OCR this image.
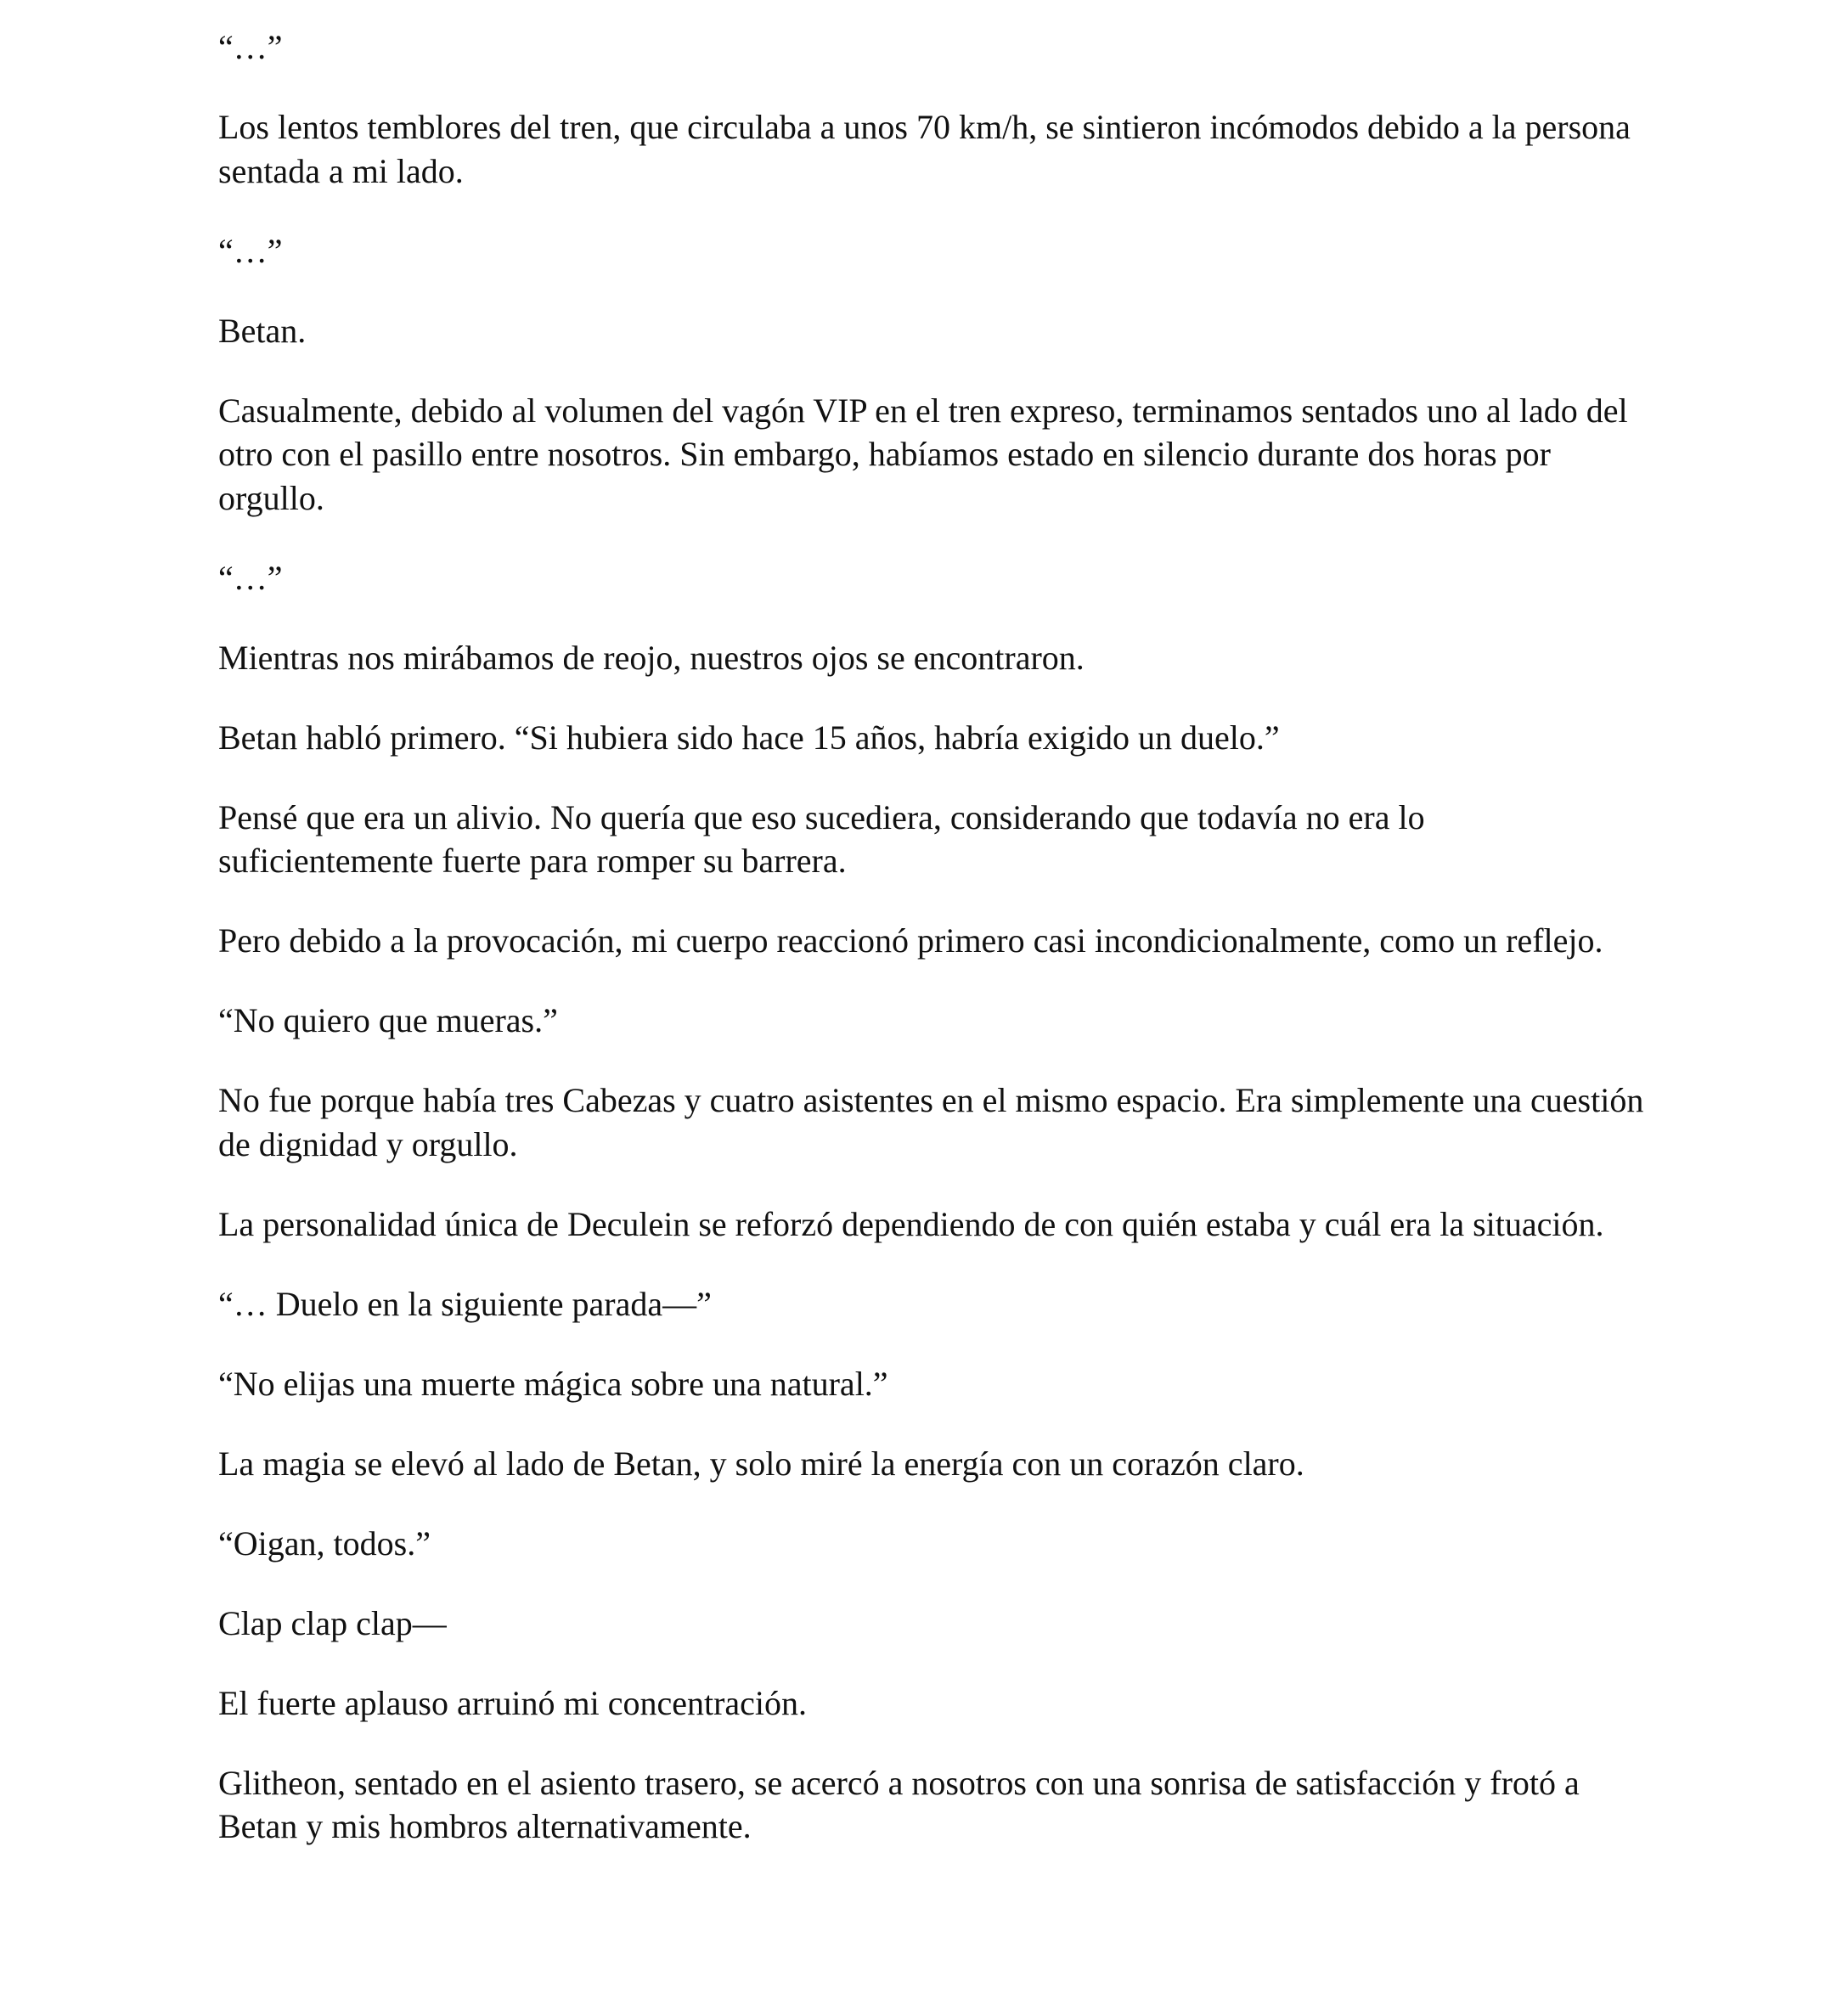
“…”

Los lentos temblores del tren, que circulaba a unos 70 km/h, se sintieron incómodos debido a la persona sentada a mi lado.

“…”

Betan.

Casualmente, debido al volumen del vagón VIP en el tren expreso, terminamos sentados uno al lado del otro con el pasillo entre nosotros. Sin embargo, habíamos estado en silencio durante dos horas por orgullo.

“…”

Mientras nos mirábamos de reojo, nuestros ojos se encontraron.

Betan habló primero. “Si hubiera sido hace 15 años, habría exigido un duelo.”

Pensé que era un alivio. No quería que eso sucediera, considerando que todavía no era lo suficientemente fuerte para romper su barrera.

Pero debido a la provocación, mi cuerpo reaccionó primero casi incondicionalmente, como un reflejo.

“No quiero que mueras.”

No fue porque había tres Cabezas y cuatro asistentes en el mismo espacio. Era simplemente una cuestión de dignidad y orgullo.

La personalidad única de Deculein se reforzó dependiendo de con quién estaba y cuál era la situación.

“… Duelo en la siguiente parada—”

“No elijas una muerte mágica sobre una natural.”

La magia se elevó al lado de Betan, y solo miré la energía con un corazón claro.

“Oigan, todos.”

Clap clap clap—

El fuerte aplauso arruinó mi concentración.

Glitheon, sentado en el asiento trasero, se acercó a nosotros con una sonrisa de satisfacción y frotó a Betan y mis hombros alternativamente.
